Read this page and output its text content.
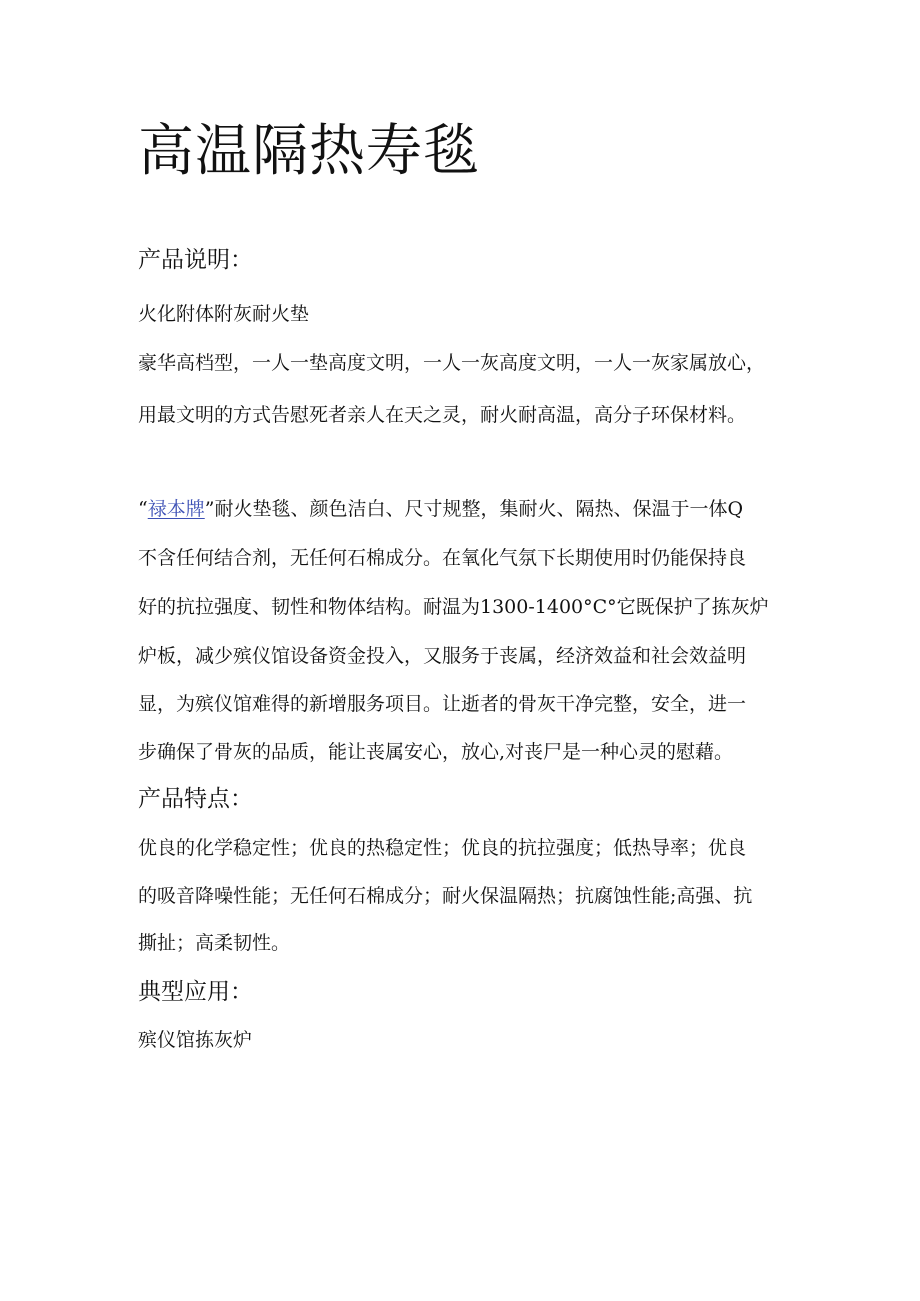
高温隔热寿毯

产品说明：

火化附体附灰耐火垫

豪华高档型，一人一垫高度文明，一人一灰高度文明，一人一灰家属放心，

用最文明的方式告慰死者亲人在天之灵，耐火耐高温，高分子环保材料。

“禄本牌”耐火垫毯、颜色洁白、尺寸规整，集耐火、隔热、保温于一体Q

不含任何结合剂，无任何石棉成分。在氧化气氛下长期使用时仍能保持良

好的抗拉强度、韧性和物体结构。耐温为1300-1400°C°它既保护了拣灰炉

炉板，减少殡仪馆设备资金投入，又服务于丧属，经济效益和社会效益明

显，为殡仪馆难得的新增服务项目。让逝者的骨灰干净完整，安全，进一

步确保了骨灰的品质，能让丧属安心，放心,对丧尸是一种心灵的慰藉。

产品特点：

优良的化学稳定性；优良的热稳定性；优良的抗拉强度；低热导率；优良

的吸音降噪性能；无任何石棉成分；耐火保温隔热；抗腐蚀性能;高强、抗

撕扯；高柔韧性。

典型应用：

殡仪馆拣灰炉
